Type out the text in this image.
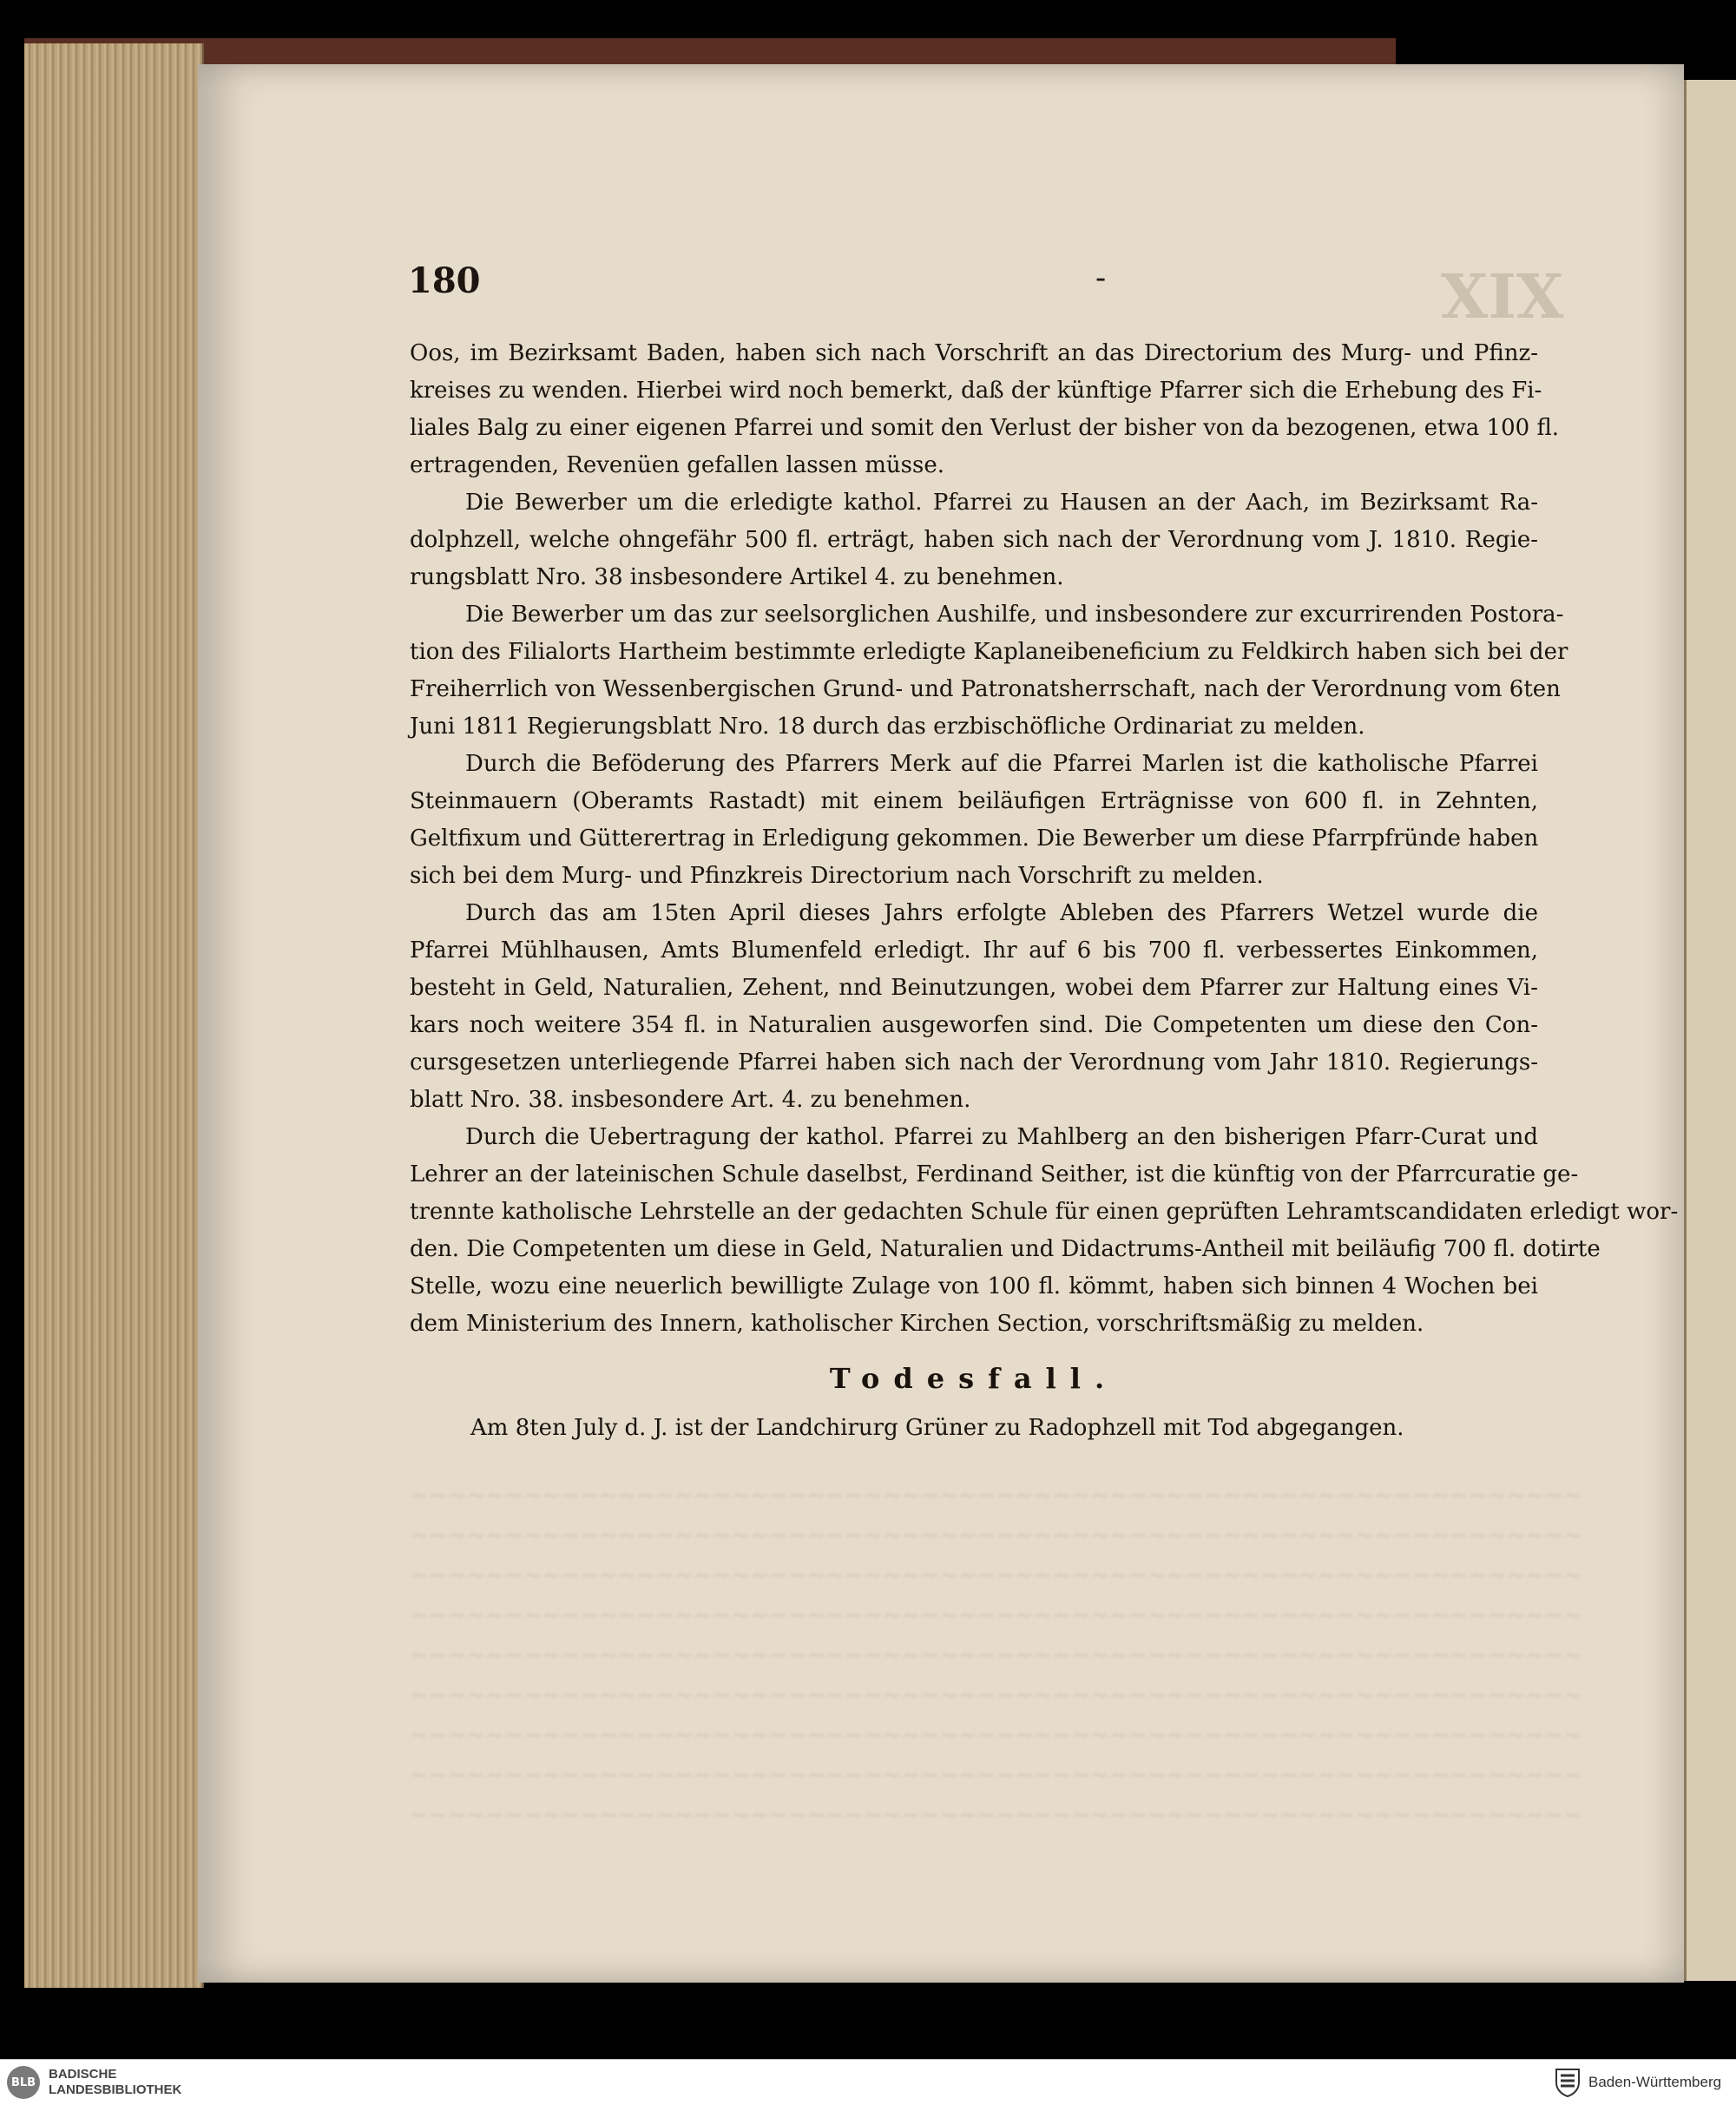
XIX
180	-
Oos, im Bezirksamt Baden, haben sich nach Vorschrift an das Directorium des Murg- und Pfinz-
kreises zu wenden. Hierbei wird noch bemerkt, daß der künftige Pfarrer sich die Erhebung des Fi-
liales Balg zu einer eigenen Pfarrei und somit den Verlust der bisher von da bezogenen, etwa 100 fl.
ertragenden, Revenüen gefallen lassen müsse.
Die Bewerber um die erledigte kathol. Pfarrei zu Hausen an der Aach, im Bezirksamt Ra-
dolphzell, welche ohngefähr 500 fl. erträgt, haben sich nach der Verordnung vom J. 1810. Regie-
rungsblatt Nro. 38 insbesondere Artikel 4. zu benehmen.
Die Bewerber um das zur seelsorglichen Aushilfe, und insbesondere zur excurrirenden Postora-
tion des Filialorts Hartheim bestimmte erledigte Kaplaneibeneficium zu Feldkirch haben sich bei der
Freiherrlich von Wessenbergischen Grund- und Patronatsherrschaft, nach der Verordnung vom 6ten
Juni 1811 Regierungsblatt Nro. 18 durch das erzbischöfliche Ordinariat zu melden.
Durch die Beföderung des Pfarrers Merk auf die Pfarrei Marlen ist die katholische Pfarrei
Steinmauern (Oberamts Rastadt) mit einem beiläufigen Erträgnisse von 600 fl. in Zehnten,
Geltfixum und Gütterertrag in Erledigung gekommen. Die Bewerber um diese Pfarrpfründe haben
sich bei dem Murg- und Pfinzkreis Directorium nach Vorschrift zu melden.
Durch das am 15ten April dieses Jahrs erfolgte Ableben des Pfarrers Wetzel wurde die
Pfarrei Mühlhausen, Amts Blumenfeld erledigt. Ihr auf 6 bis 700 fl. verbessertes Einkommen,
besteht in Geld, Naturalien, Zehent, nnd Beinutzungen, wobei dem Pfarrer zur Haltung eines Vi-
kars noch weitere 354 fl. in Naturalien ausgeworfen sind. Die Competenten um diese den Con-
cursgesetzen unterliegende Pfarrei haben sich nach der Verordnung vom Jahr 1810. Regierungs-
blatt Nro. 38. insbesondere Art. 4. zu benehmen.
Durch die Uebertragung der kathol. Pfarrei zu Mahlberg an den bisherigen Pfarr-Curat und
Lehrer an der lateinischen Schule daselbst, Ferdinand Seither, ist die künftig von der Pfarrcuratie ge-
trennte katholische Lehrstelle an der gedachten Schule für einen geprüften Lehramtscandidaten erledigt wor-
den. Die Competenten um diese in Geld, Naturalien und Didactrums-Antheil mit beiläufig 700 fl. dotirte
Stelle, wozu eine neuerlich bewilligte Zulage von 100 fl. kömmt, haben sich binnen 4 Wochen bei
dem Ministerium des Innern, katholischer Kirchen Section, vorschriftsmäßig zu melden.
Todesfall.
Am 8ten July d. J. ist der Landchirurg Grüner zu Radophzell mit Tod abgegangen.
~~~~~~~~~~~~~~~~~~~~~~~~~~~~~~~~~~~~~~~~~~~~~~~~~~~~~~~~~~~~~~
~~~~~~~~~~~~~~~~~~~~~~~~~~~~~~~~~~~~~~~~~~~~~~~~~~~~~~~~~~~~~~
~~~~~~~~~~~~~~~~~~~~~~~~~~~~~~~~~~~~~~~~~~~~~~~~~~~~~~~~~~~~~~
~~~~~~~~~~~~~~~~~~~~~~~~~~~~~~~~~~~~~~~~~~~~~~~~~~~~~~~~~~~~~~
~~~~~~~~~~~~~~~~~~~~~~~~~~~~~~~~~~~~~~~~~~~~~~~~~~~~~~~~~~~~~~
~~~~~~~~~~~~~~~~~~~~~~~~~~~~~~~~~~~~~~~~~~~~~~~~~~~~~~~~~~~~~~
~~~~~~~~~~~~~~~~~~~~~~~~~~~~~~~~~~~~~~~~~~~~~~~~~~~~~~~~~~~~~~
~~~~~~~~~~~~~~~~~~~~~~~~~~~~~~~~~~~~~~~~~~~~~~~~~~~~~~~~~~~~~~
~~~~~~~~~~~~~~~~~~~~~~~~~~~~~~~~~~~~~~~~~~~~~~~~~~~~~~~~~~~~~~
BLB
BADISCHE
LANDESBIBLIOTHEK	Baden-Württemberg
